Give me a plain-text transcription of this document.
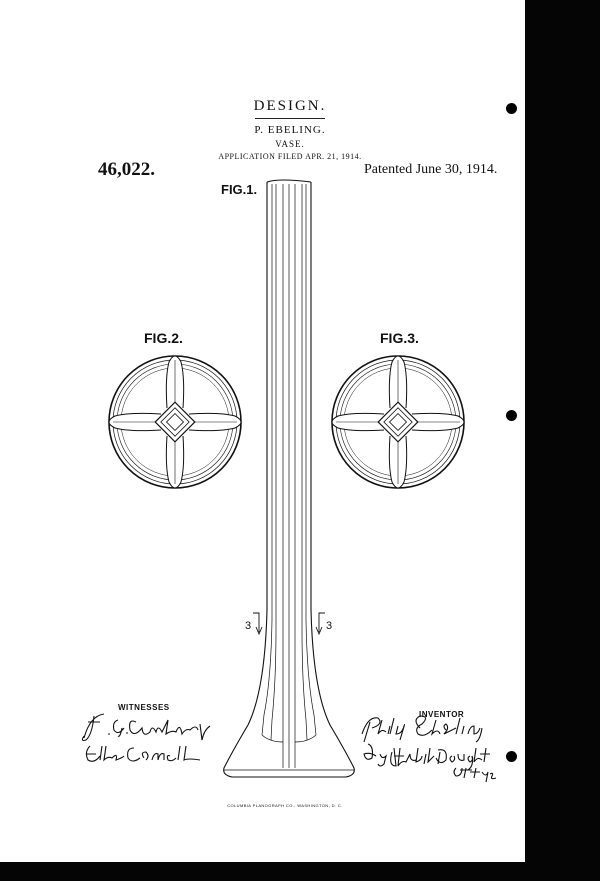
DESIGN.
P. EBELING.
VASE.
APPLICATION FILED APR. 21, 1914.
46,022.	Patented June 30, 1914.
FIG.1.
FIG.2.	FIG.3.
3	3
WITNESSES
INVENTOR
COLUMBIA PLANOGRAPH CO., WASHINGTON, D. C.
